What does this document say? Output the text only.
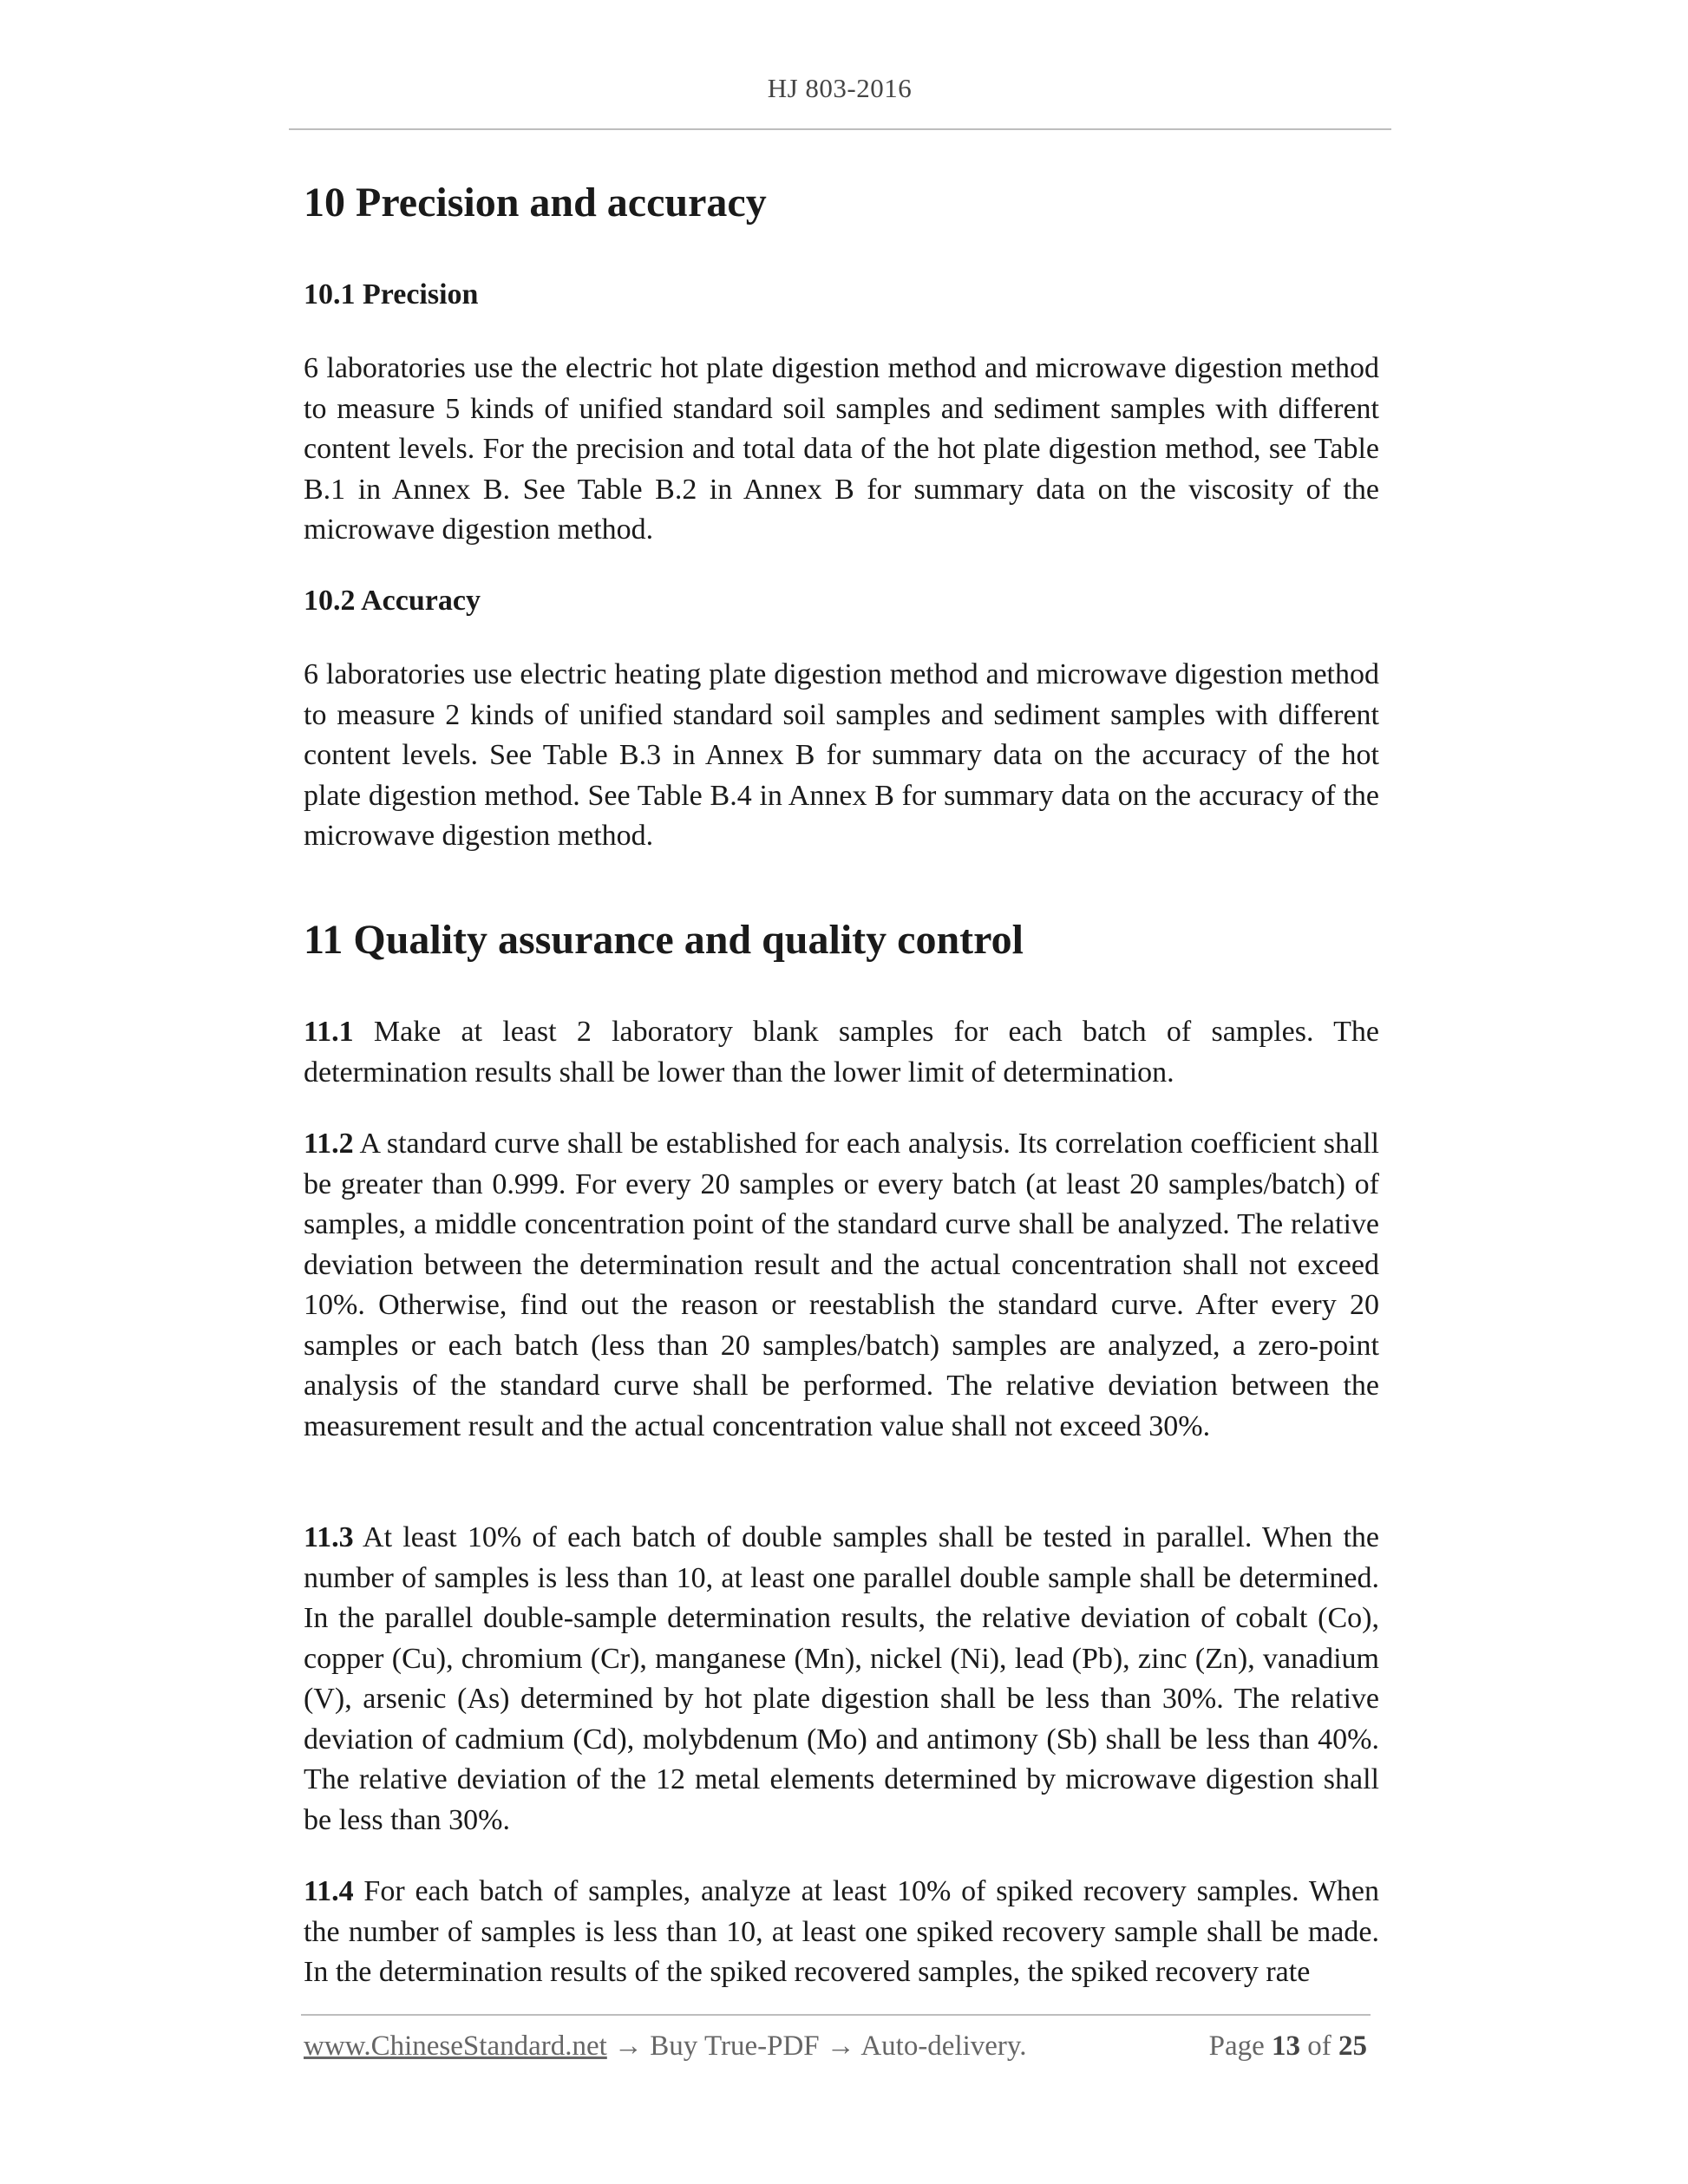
HJ 803-2016
10 Precision and accuracy
10.1 Precision

6 laboratories use the electric hot plate digestion method and microwave digestion method to measure 5 kinds of unified standard soil samples and sediment samples with different content levels. For the precision and total data of the hot plate digestion method, see Table B.1 in Annex B. See Table B.2 in Annex B for summary data on the viscosity of the microwave digestion method.

10.2 Accuracy

6 laboratories use electric heating plate digestion method and microwave digestion method to measure 2 kinds of unified standard soil samples and sediment samples with different content levels. See Table B.3 in Annex B for summary data on the accuracy of the hot plate digestion method. See Table B.4 in Annex B for summary data on the accuracy of the microwave digestion method.

11 Quality assurance and quality control

11.1 Make at least 2 laboratory blank samples for each batch of samples. The determination results shall be lower than the lower limit of determination.

11.2 A standard curve shall be established for each analysis. Its correlation coefficient shall be greater than 0.999. For every 20 samples or every batch (at least 20 samples/batch) of samples, a middle concentration point of the standard curve shall be analyzed. The relative deviation between the determination result and the actual concentration shall not exceed 10%. Otherwise, find out the reason or reestablish the standard curve. After every 20 samples or each batch (less than 20 samples/batch) samples are analyzed, a zero-point analysis of the standard curve shall be performed. The relative deviation between the measurement result and the actual concentration value shall not exceed 30%.

11.3 At least 10% of each batch of double samples shall be tested in parallel. When the number of samples is less than 10, at least one parallel double sample shall be determined. In the parallel double-sample determination results, the relative deviation of cobalt (Co), copper (Cu), chromium (Cr), manganese (Mn), nickel (Ni), lead (Pb), zinc (Zn), vanadium (V), arsenic (As) determined by hot plate digestion shall be less than 30%. The relative deviation of cadmium (Cd), molybdenum (Mo) and antimony (Sb) shall be less than 40%. The relative deviation of the 12 metal elements determined by microwave digestion shall be less than 30%.

11.4 For each batch of samples, analyze at least 10% of spiked recovery samples. When the number of samples is less than 10, at least one spiked recovery sample shall be made. In the determination results of the spiked recovered samples, the spiked recovery rate

www.ChineseStandard.net → Buy True-PDF → Auto-delivery.	Page 13 of 25
